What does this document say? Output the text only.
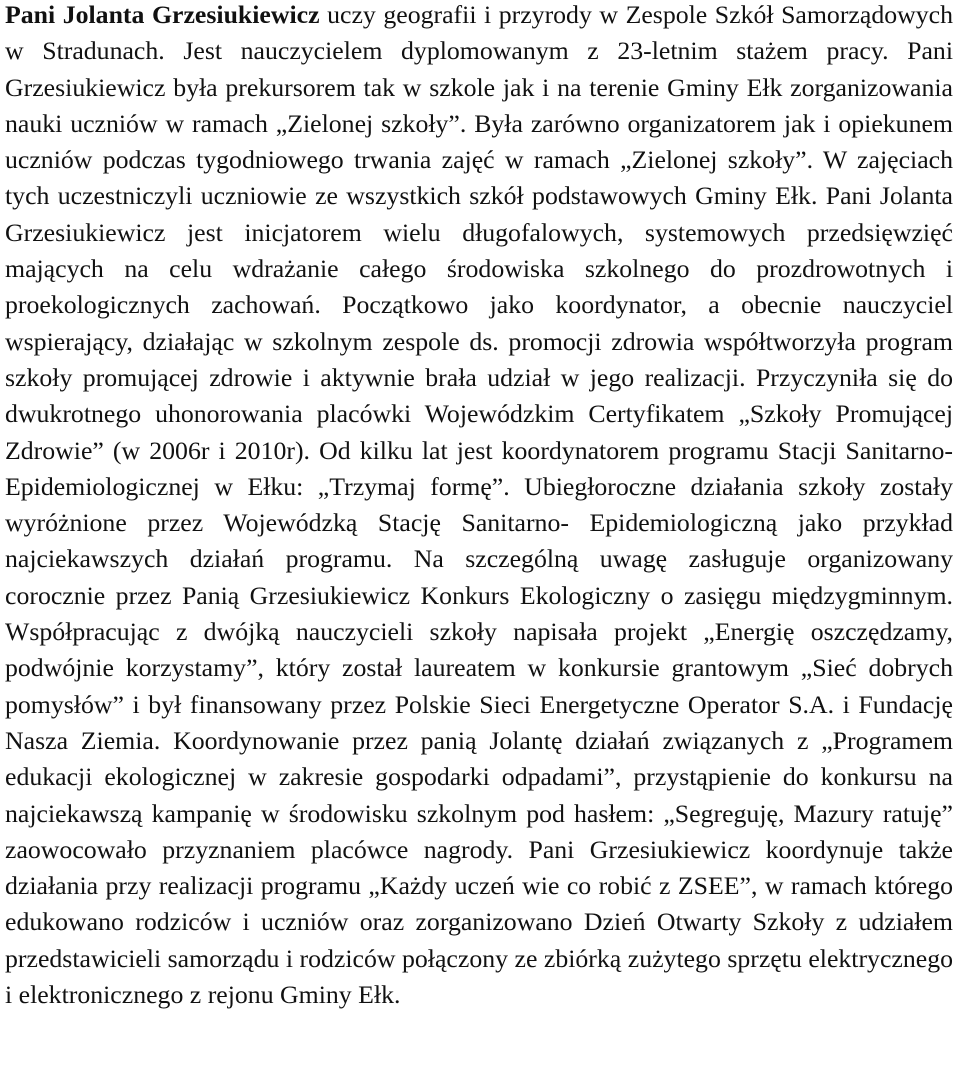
Pani Jolanta Grzesiukiewicz uczy geografii i przyrody w Zespole Szkół Samorządowych w Stradunach. Jest nauczycielem dyplomowanym z 23-letnim stażem pracy. Pani Grzesiukiewicz była prekursorem tak w szkole jak i na terenie Gminy Ełk zorganizowania nauki uczniów w ramach „Zielonej szkoły”. Była zarówno organizatorem jak i opiekunem uczniów podczas tygodniowego trwania zajęć w ramach „Zielonej szkoły”. W zajęciach tych uczestniczyli uczniowie ze wszystkich szkół podstawowych Gminy Ełk. Pani Jolanta Grzesiukiewicz jest inicjatorem wielu długofalowych, systemowych przedsięwzięć mających na celu wdrażanie całego środowiska szkolnego do prozdrowotnych i proekologicznych zachowań. Początkowo jako koordynator, a obecnie nauczyciel wspierający, działając w szkolnym zespole ds. promocji zdrowia współtworzyła program szkoły promującej zdrowie i aktywnie brała udział w jego realizacji. Przyczyniła się do dwukrotnego uhonorowania placówki Wojewódzkim Certyfikatem „Szkoły Promującej Zdrowie” (w 2006r i 2010r). Od kilku lat jest koordynatorem programu Stacji Sanitarno-Epidemiologicznej w Ełku: „Trzymaj formę”. Ubiegłoroczne działania szkoły zostały wyróżnione przez Wojewódzką Stację Sanitarno- Epidemiologiczną jako przykład najciekawszych działań programu. Na szczególną uwagę zasługuje organizowany corocznie przez Panią Grzesiukiewicz Konkurs Ekologiczny o zasięgu międzygminnym. Współpracując z dwójką nauczycieli szkoły napisała projekt „Energię oszczędzamy, podwójnie korzystamy”, który został laureatem w konkursie grantowym „Sieć dobrych pomysłów” i był finansowany przez Polskie Sieci Energetyczne Operator S.A. i Fundację Nasza Ziemia. Koordynowanie przez panią Jolantę działań związanych z „Programem edukacji ekologicznej w zakresie gospodarki odpadami”, przystąpienie do konkursu na najciekawszą kampanię w środowisku szkolnym pod hasłem: „Segreguję, Mazury ratuję” zaowocowało przyznaniem placówce nagrody. Pani Grzesiukiewicz koordynuje także działania przy realizacji programu „Każdy uczeń wie co robić z ZSEE”, w ramach którego edukowano rodziców i uczniów oraz zorganizowano Dzień Otwarty Szkoły z udziałem przedstawicieli samorządu i rodziców połączony ze zbiórką zużytego sprzętu elektrycznego i elektronicznego z rejonu Gminy Ełk.
